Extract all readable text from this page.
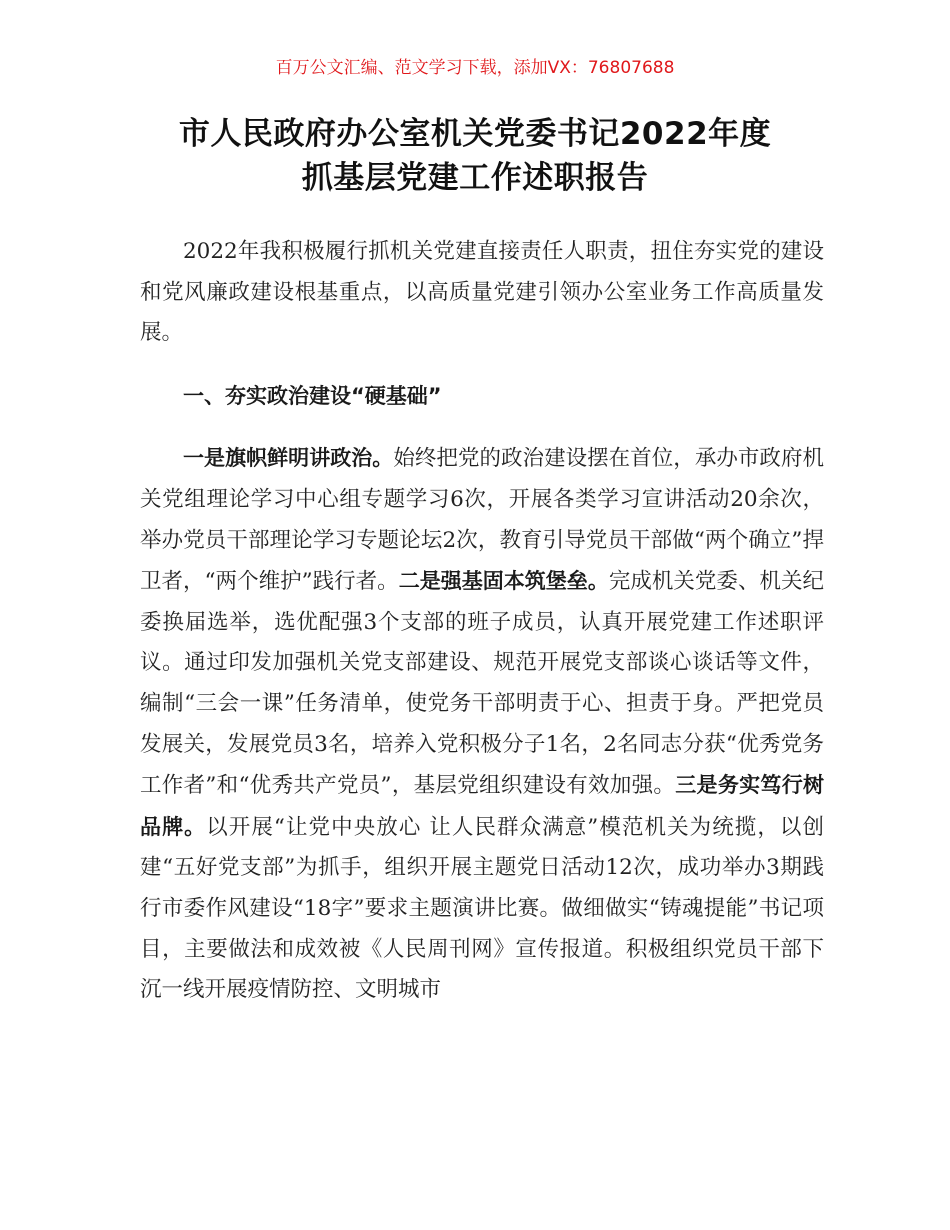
百万公文汇编、范文学习下载，添加VX：76807688
市人民政府办公室机关党委书记2022年度
抓基层党建工作述职报告

2022年我积极履行抓机关党建直接责任人职责，扭住夯实党的建设和党风廉政建设根基重点，以高质量党建引领办公室业务工作高质量发展。

一、夯实政治建设“硬基础”

一是旗帜鲜明讲政治。始终把党的政治建设摆在首位，承办市政府机关党组理论学习中心组专题学习6次，开展各类学习宣讲活动20余次，举办党员干部理论学习专题论坛2次，教育引导党员干部做“两个确立”捍卫者，“两个维护”践行者。二是强基固本筑堡垒。完成机关党委、机关纪委换届选举，选优配强3个支部的班子成员，认真开展党建工作述职评议。通过印发加强机关党支部建设、规范开展党支部谈心谈话等文件，编制“三会一课”任务清单，使党务干部明责于心、担责于身。严把党员发展关，发展党员3名，培养入党积极分子1名，2名同志分获“优秀党务工作者”和“优秀共产党员”，基层党组织建设有效加强。三是务实笃行树品牌。以开展“让党中央放心 让人民群众满意”模范机关为统揽，以创建“五好党支部”为抓手，组织开展主题党日活动12次，成功举办3期践行市委作风建设“18字”要求主题演讲比赛。做细做实“铸魂提能”书记项目，主要做法和成效被《人民周刊网》宣传报道。积极组织党员干部下沉一线开展疫情防控、文明城市
